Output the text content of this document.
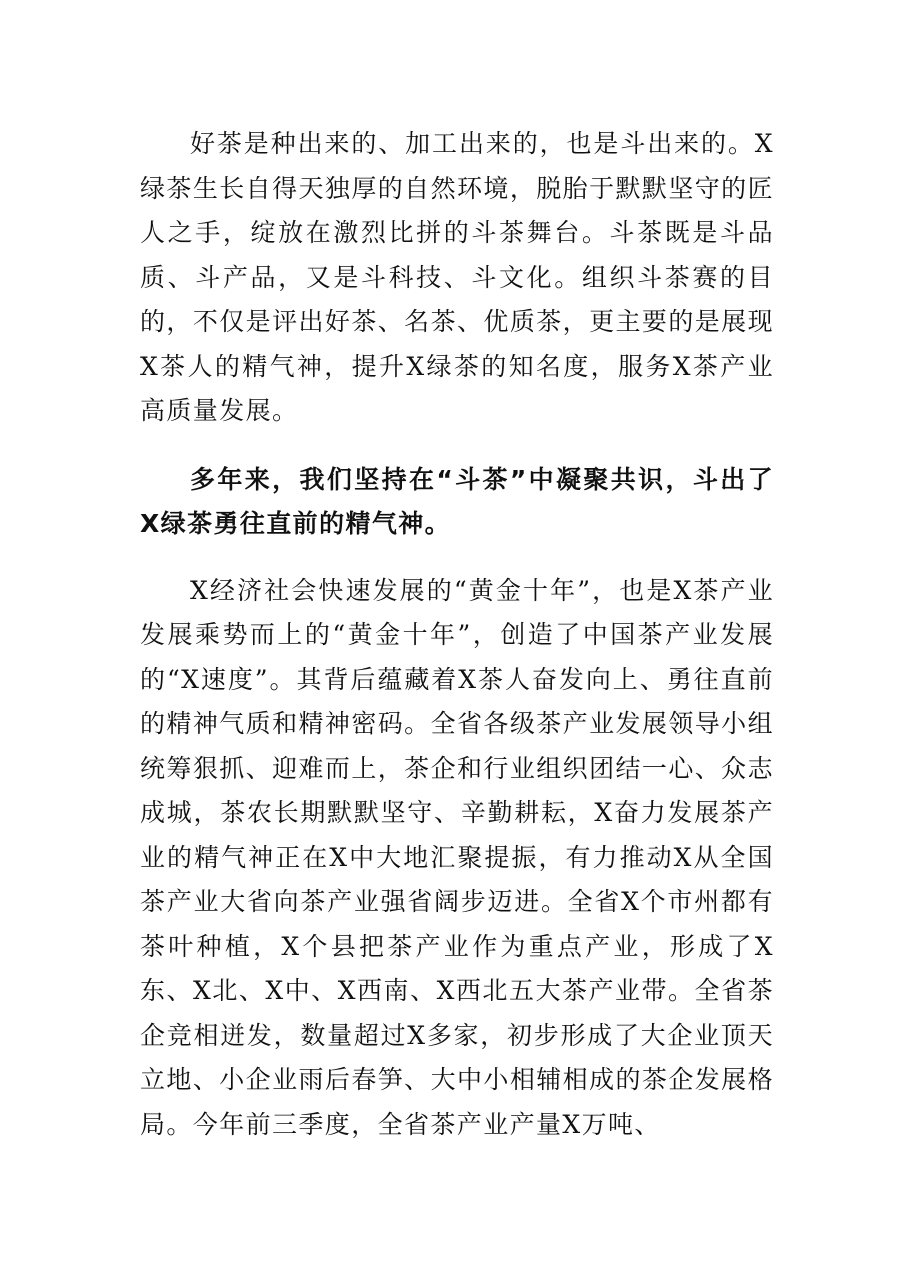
好茶是种出来的、加工出来的，也是斗出来的。X绿茶生长自得天独厚的自然环境，脱胎于默默坚守的匠人之手，绽放在激烈比拼的斗茶舞台。斗茶既是斗品质、斗产品，又是斗科技、斗文化。组织斗茶赛的目的，不仅是评出好茶、名茶、优质茶，更主要的是展现X茶人的精气神，提升X绿茶的知名度，服务X茶产业高质量发展。

多年来，我们坚持在“斗茶”中凝聚共识，斗出了X绿茶勇往直前的精气神。

X经济社会快速发展的“黄金十年”，也是X茶产业发展乘势而上的“黄金十年”，创造了中国茶产业发展的“X速度”。其背后蕴藏着X茶人奋发向上、勇往直前的精神气质和精神密码。全省各级茶产业发展领导小组统筹狠抓、迎难而上，茶企和行业组织团结一心、众志成城，茶农长期默默坚守、辛勤耕耘，X奋力发展茶产业的精气神正在X中大地汇聚提振，有力推动X从全国茶产业大省向茶产业强省阔步迈进。全省X个市州都有茶叶种植，X个县把茶产业作为重点产业，形成了X东、X北、X中、X西南、X西北五大茶产业带。全省茶企竞相迸发，数量超过X多家，初步形成了大企业顶天立地、小企业雨后春笋、大中小相辅相成的茶企发展格局。今年前三季度，全省茶产业产量X万吨、
